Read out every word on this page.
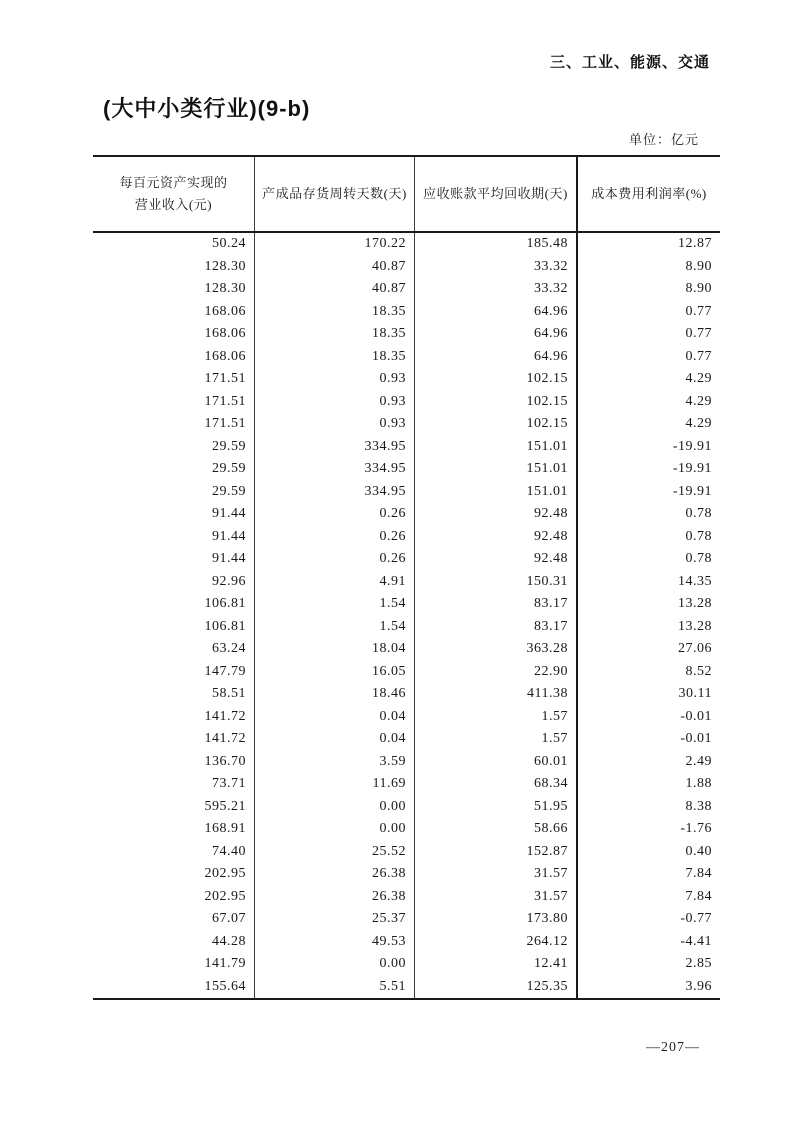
三、工业、能源、交通
(大中小类行业)(9-b)
单位：亿元
每百元资产实现的
营业收入(元)	产成品存货周转天数(天)	应收账款平均回收期(天)	成本费用利润率(%)
50.24	170.22	185.48	12.87
128.30	40.87	33.32	8.90
128.30	40.87	33.32	8.90
168.06	18.35	64.96	0.77
168.06	18.35	64.96	0.77
168.06	18.35	64.96	0.77
171.51	0.93	102.15	4.29
171.51	0.93	102.15	4.29
171.51	0.93	102.15	4.29
29.59	334.95	151.01	-19.91
29.59	334.95	151.01	-19.91
29.59	334.95	151.01	-19.91
91.44	0.26	92.48	0.78
91.44	0.26	92.48	0.78
91.44	0.26	92.48	0.78
92.96	4.91	150.31	14.35
106.81	1.54	83.17	13.28
106.81	1.54	83.17	13.28
63.24	18.04	363.28	27.06
147.79	16.05	22.90	8.52
58.51	18.46	411.38	30.11
141.72	0.04	1.57	-0.01
141.72	0.04	1.57	-0.01
136.70	3.59	60.01	2.49
73.71	11.69	68.34	1.88
595.21	0.00	51.95	8.38
168.91	0.00	58.66	-1.76
74.40	25.52	152.87	0.40
202.95	26.38	31.57	7.84
202.95	26.38	31.57	7.84
67.07	25.37	173.80	-0.77
44.28	49.53	264.12	-4.41
141.79	0.00	12.41	2.85
155.64	5.51	125.35	3.96
—207—
